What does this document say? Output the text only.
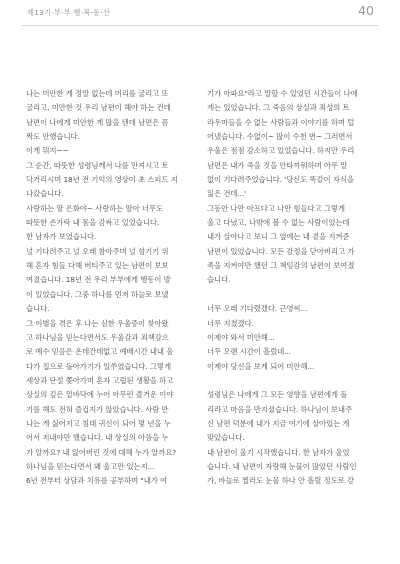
제13기·부·부·행·복·동·산	40
나는 미안한 게 정말 없는데 머리를 굴리고 또
굴리고, 미안한 것 우리 남편이 해야 하는 건데
남편이 나에게 미안한 게 많을 텐데 남편은 꼼
짝도 안했습니다.
이게 뭐지~~
그 순간, 따뜻한 성령님께서 나를 만져시고 토
닥거리시며 18년 전 기억의 영상이 초 스피드 지
나갔습니다.
사랑하는 딸 은화야~ 사랑하는 딸아 너무도
따뜻한 손가락 내 몸을 감싸고 있었습니다.
한 남자가 보였습니다.
널 기다려주고 널 오래 참아주며 널 섬기기 위
해 혼자 힘들 다해 버티주고 있는 남편이 보보
여졌습니다. 18년 전 우리 부부에게 행동이 발
이 있었습니다. 그중 하나를 먼저 하늘로 보냈
습니다.
그 이별을 겪은 후 나는 심한 우울증이 찾아왔
고 하나님을 믿는다면서도 우울감과 죄책감으
로 예수 믿음은 온데간데없고 예배시간 내내 울
다가 집으로 돌아가기가 일쑤였습니다. 그렇게
세상과 단절 쫓아가며 혼자 고립된 생활을 하고
상실의 깊은 밑바닥에 누어 아무런 즐거운 이야
기를 해도 전혀 즐겁지가 않았습니다. 사람 만
나는 게 싫어지고 침대 귀신이 되어 몇 년을 누
어서 지내야만 했습니다. 내 상실의 아픔을 누
가 알까요? 내 잃어버린 것에 대해 누가 알까요?
하나님을 믿는다면서 왜 울고만 있는지...
6년 전부터 상담과 치유를 공부하며 "내가 여
기가 아파요"라고 말할 수 있었던 시간들이 나에
게는 있었습니다. 그 죽음의 상실과 죄성의 트
라우마들을 수 없는 사람들과 이야기를 하며 털
어냈습니다. 수없이~ 많이 수천 번~ 그러면서
우울은 점점 감소하고 있었습니다. 하지만 우리
남편은 내가 죽을 것을 안타까워하며 아무 말
없이 기다려주었습니다. '당신도 똑같이 자식을
잃은 건데...'
그동안 나만 아프다고 나만 힘들다고 그렇게
울고 다녔고, 나밖에 볼 수 없는 사람이었는데
내가 살아나고 보니 그 옆에는 내 곁을 지켜준
남편이 있었습니다. 모든 감정을 닫아버리고 가
족을 지켜야만 했던 그 책임감의 남편이 보여졌
습니다.
너무 오래 기다렸겠다. 근영씨...
너무 지쳤겠다.
이제야 와서 미안해...
너무 오랜 시간이 흘렀네...
이제야 당신을 보게 되어 미안해...
성령님은 나에게 그 모든 영향을 남편에게 돌
리라고 마음을 만지셨습니다. 하나님이 보내주
신 남편 덕분에 내가 지금 여기에 살아있는 게
맞았습니다.
내 남편이 울기 시작했습니다. 한 남자가 울었
습니다. 내 남편이 자랑해 눈물이 많았던 사람인
가, 바늘로 찔러도 눈물 하나 안 흘릴 정도로 강
